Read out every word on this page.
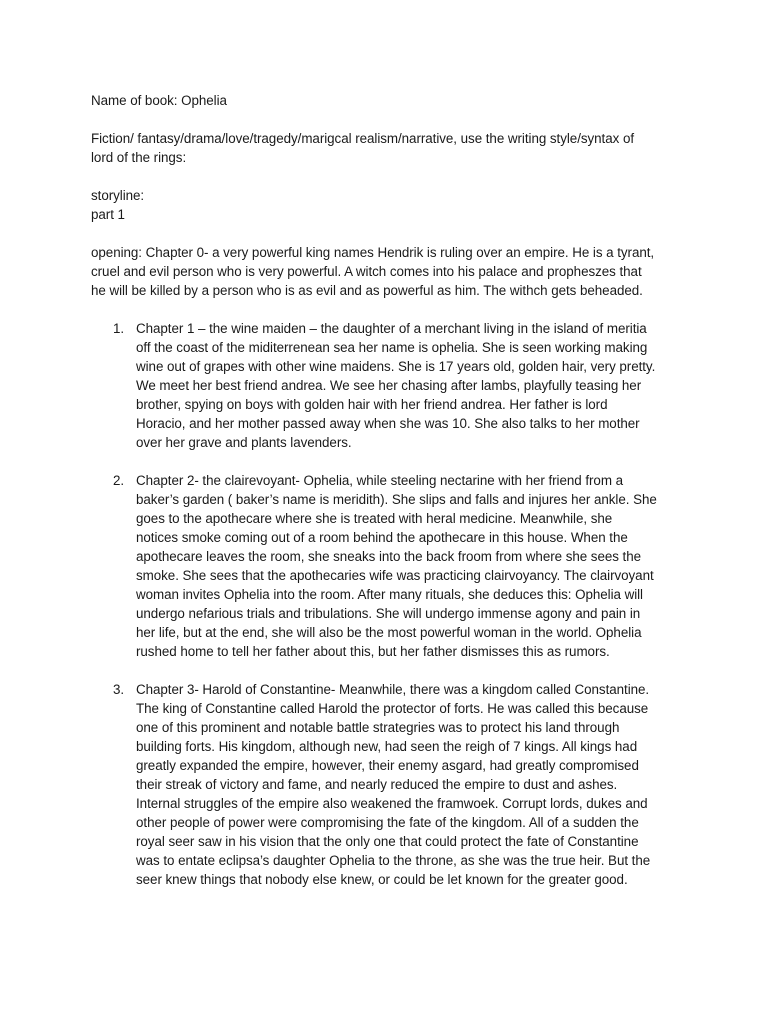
Name of book: Ophelia

Fiction/ fantasy/drama/love/tragedy/marigcal realism/narrative, use the writing style/syntax of
lord of the rings:

storyline:
part 1

opening: Chapter 0- a very powerful king names Hendrik is ruling over an empire. He is a tyrant,
cruel and evil person who is very powerful. A witch comes into his palace and propheszes that
he will be killed by a person who is as evil and as powerful as him. The withch gets beheaded.

1. Chapter 1 – the wine maiden – the daughter of a merchant living in the island of meritia
off the coast of the miditerrenean sea her name is ophelia. She is seen working making
wine out of grapes with other wine maidens. She is 17 years old, golden hair, very pretty.
We meet her best friend andrea. We see her chasing after lambs, playfully teasing her
brother, spying on boys with golden hair with her friend andrea. Her father is lord
Horacio, and her mother passed away when she was 10. She also talks to her mother
over her grave and plants lavenders.
2. Chapter 2- the clairevoyant- Ophelia, while steeling nectarine with her friend from a
baker’s garden ( baker’s name is meridith). She slips and falls and injures her ankle. She
goes to the apothecare where she is treated with heral medicine. Meanwhile, she
notices smoke coming out of a room behind the apothecare in this house. When the
apothecare leaves the room, she sneaks into the back froom from where she sees the
smoke. She sees that the apothecaries wife was practicing clairvoyancy. The clairvoyant
woman invites Ophelia into the room. After many rituals, she deduces this: Ophelia will
undergo nefarious trials and tribulations. She will undergo immense agony and pain in
her life, but at the end, she will also be the most powerful woman in the world. Ophelia
rushed home to tell her father about this, but her father dismisses this as rumors.
3. Chapter 3- Harold of Constantine- Meanwhile, there was a kingdom called Constantine.
The king of Constantine called Harold the protector of forts. He was called this because
one of this prominent and notable battle strategries was to protect his land through
building forts. His kingdom, although new, had seen the reigh of 7 kings. All kings had
greatly expanded the empire, however, their enemy asgard, had greatly compromised
their streak of victory and fame, and nearly reduced the empire to dust and ashes.
Internal struggles of the empire also weakened the framwoek. Corrupt lords, dukes and
other people of power were compromising the fate of the kingdom. All of a sudden the
royal seer saw in his vision that the only one that could protect the fate of Constantine
was to entate eclipsa’s daughter Ophelia to the throne, as she was the true heir. But the
seer knew things that nobody else knew, or could be let known for the greater good.
